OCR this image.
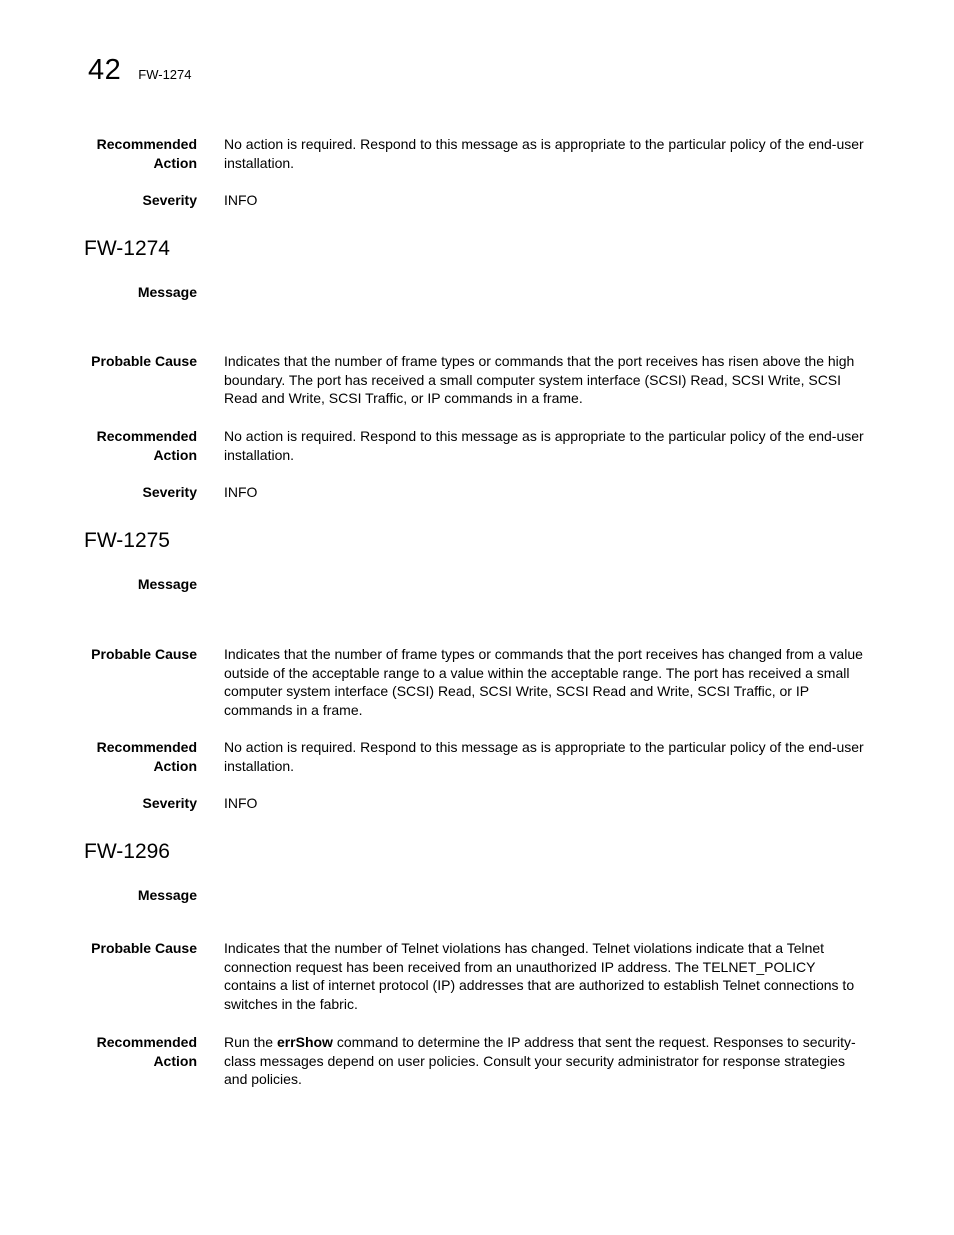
42 FW-1274
Recommended
Action
No action is required. Respond to this message as is appropriate to the particular policy of the end-user installation.
Severity INFO
FW-1274
Message
Probable Cause Indicates that the number of frame types or commands that the port receives has risen above the high boundary. The port has received a small computer system interface (SCSI) Read, SCSI Write, SCSI Read and Write, SCSI Traffic, or IP commands in a frame.
Recommended
Action
No action is required. Respond to this message as is appropriate to the particular policy of the end-user installation.
Severity INFO
FW-1275
Message
Probable Cause Indicates that the number of frame types or commands that the port receives has changed from a value outside of the acceptable range to a value within the acceptable range. The port has received a small computer system interface (SCSI) Read, SCSI Write, SCSI Read and Write, SCSI Traffic, or IP commands in a frame.
Recommended
Action
No action is required. Respond to this message as is appropriate to the particular policy of the end-user installation.
Severity INFO
FW-1296
Message
Probable Cause Indicates that the number of Telnet violations has changed. Telnet violations indicate that a Telnet connection request has been received from an unauthorized IP address. The TELNET_POLICY contains a list of internet protocol (IP) addresses that are authorized to establish Telnet connections to switches in the fabric.
Recommended
Action
Run the errShow command to determine the IP address that sent the request. Responses to security-class messages depend on user policies. Consult your security administrator for response strategies and policies.
